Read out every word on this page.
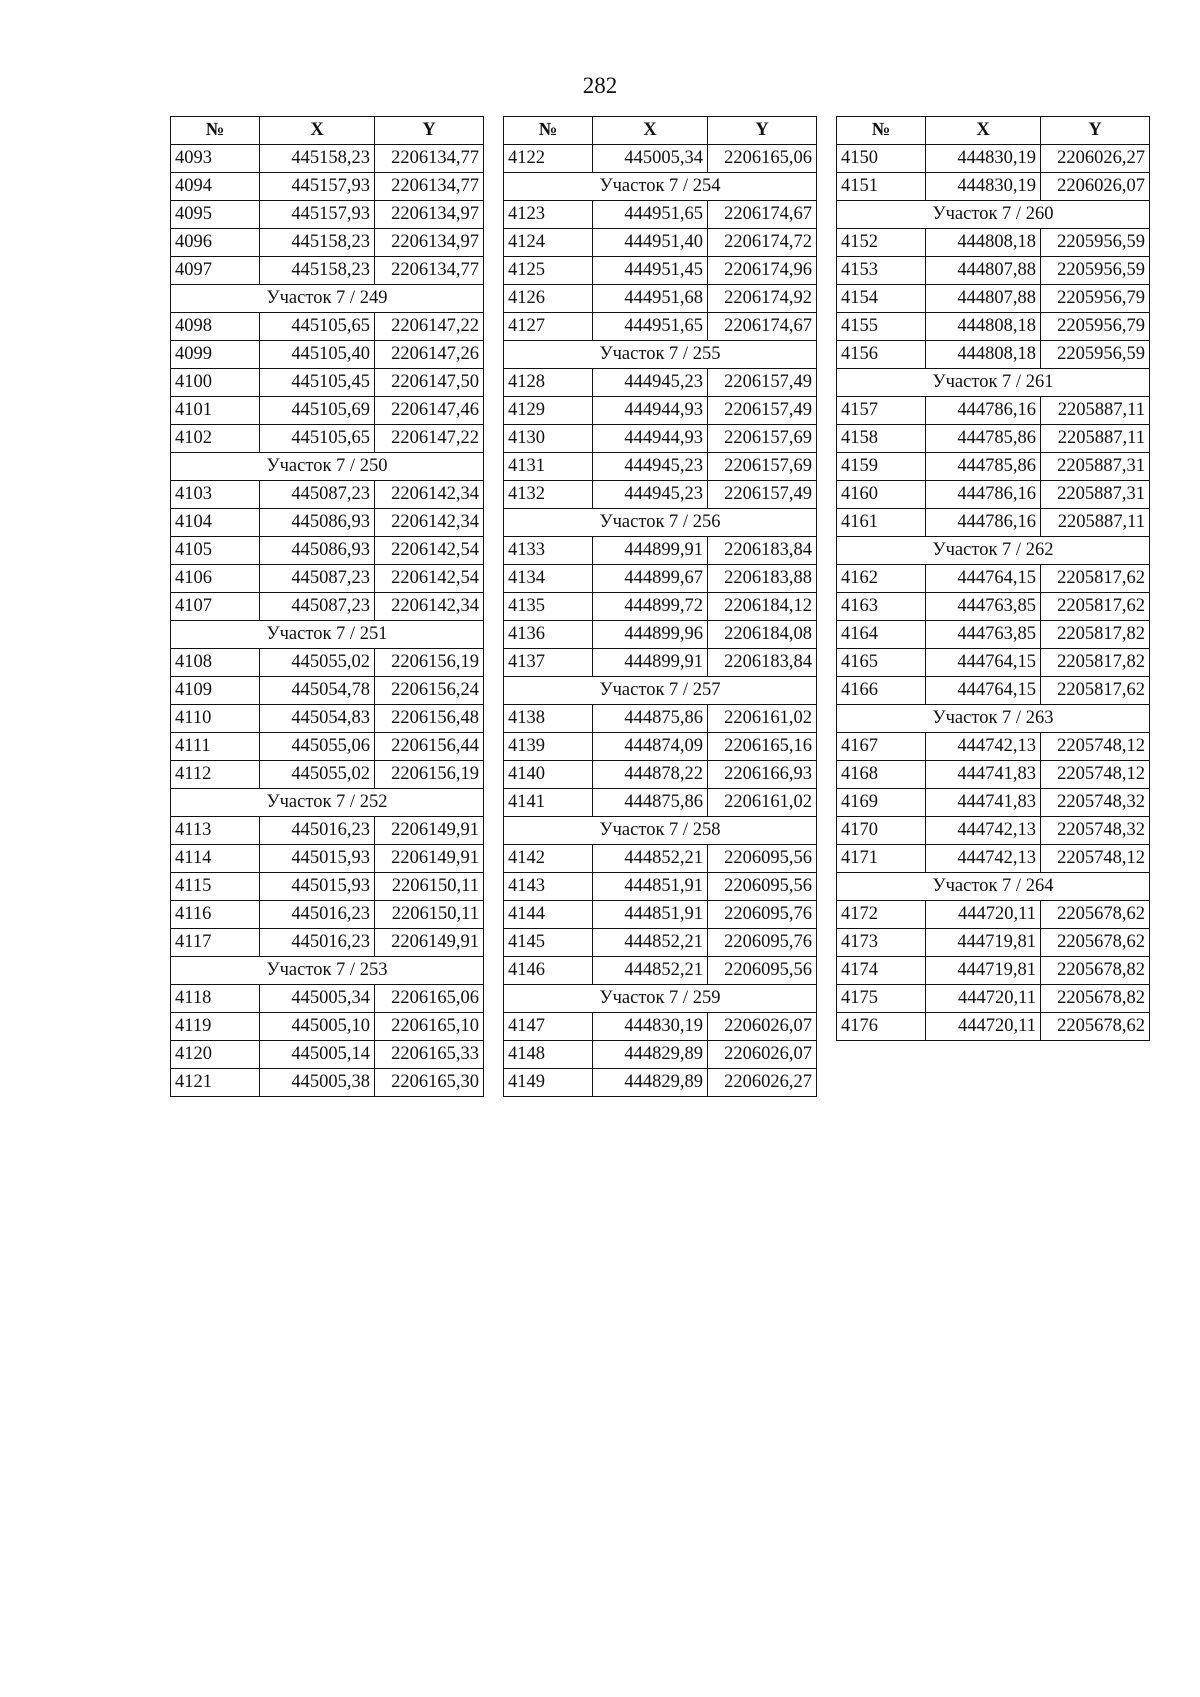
282
№	X	Y
4093	445158,23	2206134,77
4094	445157,93	2206134,77
4095	445157,93	2206134,97
4096	445158,23	2206134,97
4097	445158,23	2206134,77
Участок 7 / 249		
4098	445105,65	2206147,22
4099	445105,40	2206147,26
4100	445105,45	2206147,50
4101	445105,69	2206147,46
4102	445105,65	2206147,22
Участок 7 / 250		
4103	445087,23	2206142,34
4104	445086,93	2206142,34
4105	445086,93	2206142,54
4106	445087,23	2206142,54
4107	445087,23	2206142,34
Участок 7 / 251		
4108	445055,02	2206156,19
4109	445054,78	2206156,24
4110	445054,83	2206156,48
4111	445055,06	2206156,44
4112	445055,02	2206156,19
Участок 7 / 252		
4113	445016,23	2206149,91
4114	445015,93	2206149,91
4115	445015,93	2206150,11
4116	445016,23	2206150,11
4117	445016,23	2206149,91
Участок 7 / 253		
4118	445005,34	2206165,06
4119	445005,10	2206165,10
4120	445005,14	2206165,33
4121	445005,38	2206165,30
№	X	Y
4122	445005,34	2206165,06
Участок 7 / 254		
4123	444951,65	2206174,67
4124	444951,40	2206174,72
4125	444951,45	2206174,96
4126	444951,68	2206174,92
4127	444951,65	2206174,67
Участок 7 / 255		
4128	444945,23	2206157,49
4129	444944,93	2206157,49
4130	444944,93	2206157,69
4131	444945,23	2206157,69
4132	444945,23	2206157,49
Участок 7 / 256		
4133	444899,91	2206183,84
4134	444899,67	2206183,88
4135	444899,72	2206184,12
4136	444899,96	2206184,08
4137	444899,91	2206183,84
Участок 7 / 257		
4138	444875,86	2206161,02
4139	444874,09	2206165,16
4140	444878,22	2206166,93
4141	444875,86	2206161,02
Участок 7 / 258		
4142	444852,21	2206095,56
4143	444851,91	2206095,56
4144	444851,91	2206095,76
4145	444852,21	2206095,76
4146	444852,21	2206095,56
Участок 7 / 259		
4147	444830,19	2206026,07
4148	444829,89	2206026,07
4149	444829,89	2206026,27
№	X	Y
4150	444830,19	2206026,27
4151	444830,19	2206026,07
Участок 7 / 260		
4152	444808,18	2205956,59
4153	444807,88	2205956,59
4154	444807,88	2205956,79
4155	444808,18	2205956,79
4156	444808,18	2205956,59
Участок 7 / 261		
4157	444786,16	2205887,11
4158	444785,86	2205887,11
4159	444785,86	2205887,31
4160	444786,16	2205887,31
4161	444786,16	2205887,11
Участок 7 / 262		
4162	444764,15	2205817,62
4163	444763,85	2205817,62
4164	444763,85	2205817,82
4165	444764,15	2205817,82
4166	444764,15	2205817,62
Участок 7 / 263		
4167	444742,13	2205748,12
4168	444741,83	2205748,12
4169	444741,83	2205748,32
4170	444742,13	2205748,32
4171	444742,13	2205748,12
Участок 7 / 264		
4172	444720,11	2205678,62
4173	444719,81	2205678,62
4174	444719,81	2205678,82
4175	444720,11	2205678,82
4176	444720,11	2205678,62
